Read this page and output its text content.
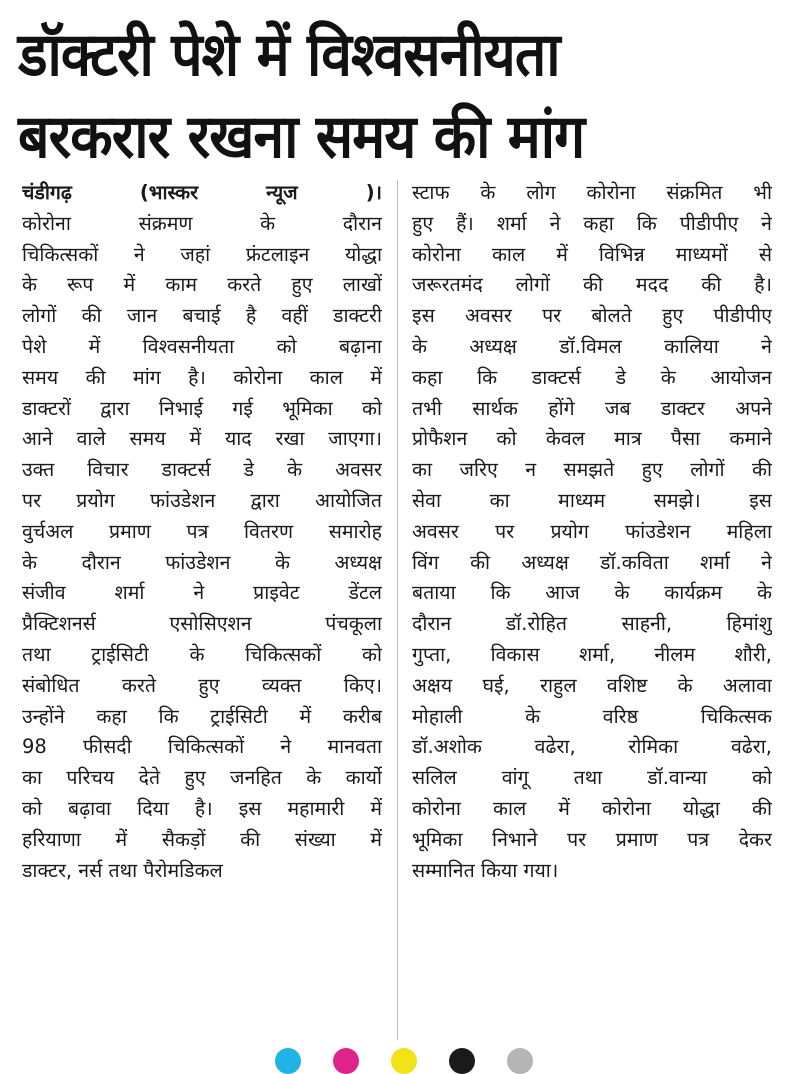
डॉक्टरी पेशे में विश्वसनीयता
बरकरार रखना समय की मांग
चंडीगढ़ (भास्कर न्यूज )।
कोरोना संक्रमण के दौरान
चिकित्सकों ने जहां फ्रंटलाइन योद्धा
के रूप में काम करते हुए लाखों
लोगों की जान बचाई है वहीं डाक्टरी
पेशे में विश्वसनीयता को बढ़ाना
समय की मांग है। कोरोना काल में
डाक्टरों द्वारा निभाई गई भूमिका को
आने वाले समय में याद रखा जाएगा।
उक्त विचार डाक्टर्स डे के अवसर
पर प्रयोग फांउडेशन द्वारा आयोजित
वुर्चअल प्रमाण पत्र वितरण समारोह
के दौरान फांउडेशन के अध्यक्ष
संजीव शर्मा ने प्राइवेट डेंटल
प्रैक्टिशनर्स एसोसिएशन पंचकूला
तथा ट्राईसिटी के चिकित्सकों को
संबोधित करते हुए व्यक्त किए।
उन्होंने कहा कि ट्राईसिटी में करीब
98 फीसदी चिकित्सकों ने मानवता
का परिचय देते हुए जनहित के कार्यो
को बढ़ावा दिया है। इस महामारी में
हरियाणा में सैकड़ों की संख्या में
डाक्टर, नर्स तथा पैरोमडिकल
स्टाफ के लोग कोरोना संक्रमित भी
हुए हैं। शर्मा ने कहा कि पीडीपीए ने
कोरोना काल में विभिन्न माध्यमों से
जरूरतमंद लोगों की मदद की है।
इस अवसर पर बोलते हुए पीडीपीए
के अध्यक्ष डॉ.विमल कालिया ने
कहा कि डाक्टर्स डे के आयोजन
तभी सार्थक होंगे जब डाक्टर अपने
प्रोफैशन को केवल मात्र पैसा कमाने
का जरिए न समझते हुए लोगों की
सेवा का माध्यम समझे। इस
अवसर पर प्रयोग फांउडेशन महिला
विंग की अध्यक्ष डॉ.कविता शर्मा ने
बताया कि आज के कार्यक्रम के
दौरान डॉ.रोहित साहनी, हिमांशु
गुप्ता, विकास शर्मा, नीलम शौरी,
अक्षय घई, राहुल वशिष्ट के अलावा
मोहाली के वरिष्ठ चिकित्सक
डॉ.अशोक वढेरा, रोमिका वढेरा,
सलिल वांगू तथा डॉ.वान्या को
कोरोना काल में कोरोना योद्धा की
भूमिका निभाने पर प्रमाण पत्र देकर
सम्मानित किया गया।
